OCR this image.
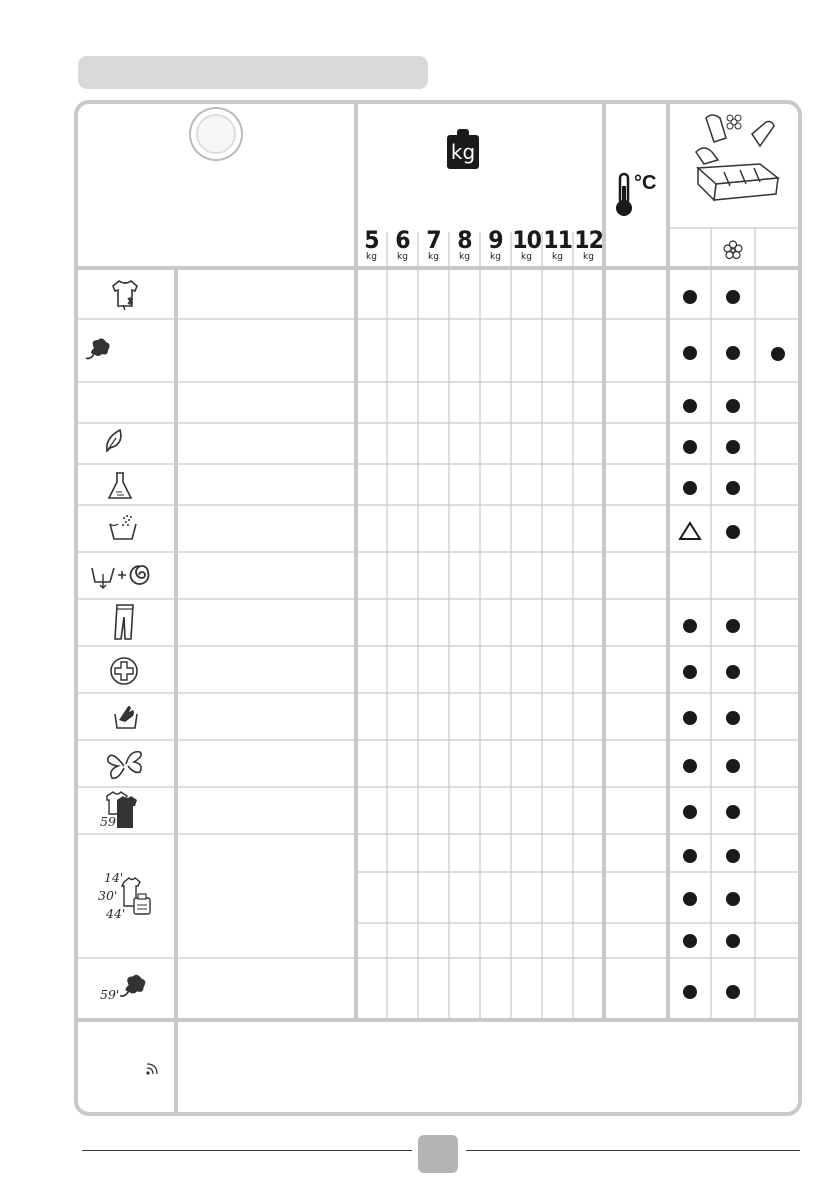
kg
°C
5
kg
6
kg
7
kg
8
kg
9
kg
10
kg
11
kg
12
kg
59'
14'
30'
44'
59'
